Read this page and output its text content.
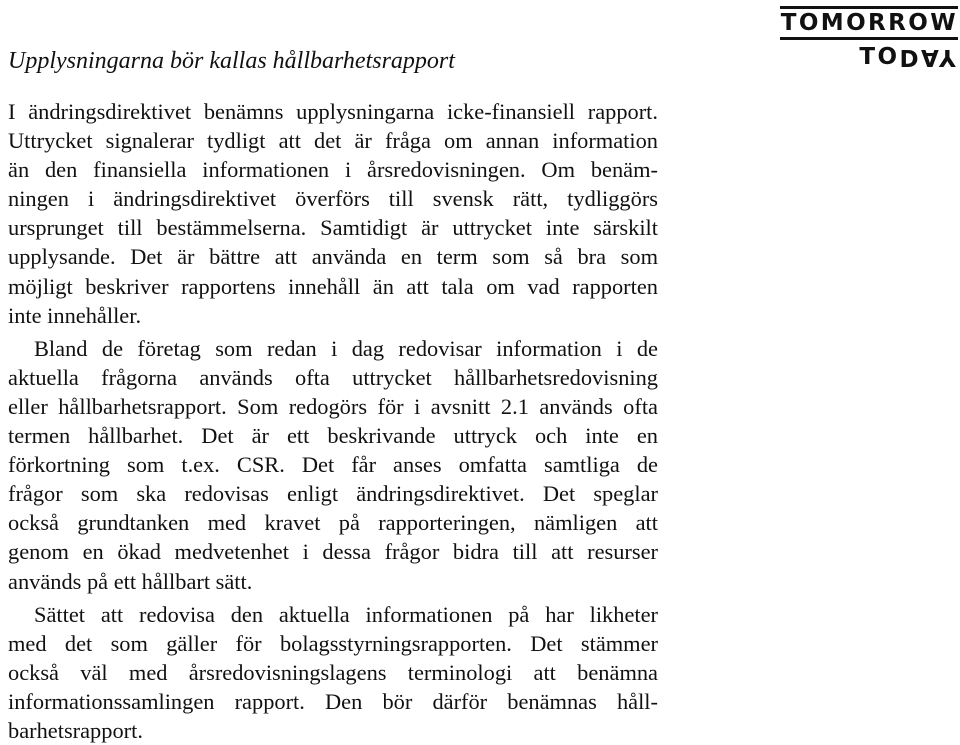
TOMORROW
TODAY
Upplysningarna bör kallas hållbarhetsrapport
I ändringsdirektivet benämns upplysningarna icke-finansiell rapport.
Uttrycket signalerar tydligt att det är fråga om annan information
än den finansiella informationen i årsredovisningen. Om benäm-
ningen i ändringsdirektivet överförs till svensk rätt, tydliggörs
ursprunget till bestämmelserna. Samtidigt är uttrycket inte särskilt
upplysande. Det är bättre att använda en term som så bra som
möjligt beskriver rapportens innehåll än att tala om vad rapporten
inte innehåller.
Bland de företag som redan i dag redovisar information i de
aktuella frågorna används ofta uttrycket hållbarhetsredovisning
eller hållbarhetsrapport. Som redogörs för i avsnitt 2.1 används ofta
termen hållbarhet. Det är ett beskrivande uttryck och inte en
förkortning som t.ex. CSR. Det får anses omfatta samtliga de
frågor som ska redovisas enligt ändringsdirektivet. Det speglar
också grundtanken med kravet på rapporteringen, nämligen att
genom en ökad medvetenhet i dessa frågor bidra till att resurser
används på ett hållbart sätt.
Sättet att redovisa den aktuella informationen på har likheter
med det som gäller för bolagsstyrningsrapporten. Det stämmer
också väl med årsredovisningslagens terminologi att benämna
informationssamlingen rapport. Den bör därför benämnas håll-
barhetsrapport.
